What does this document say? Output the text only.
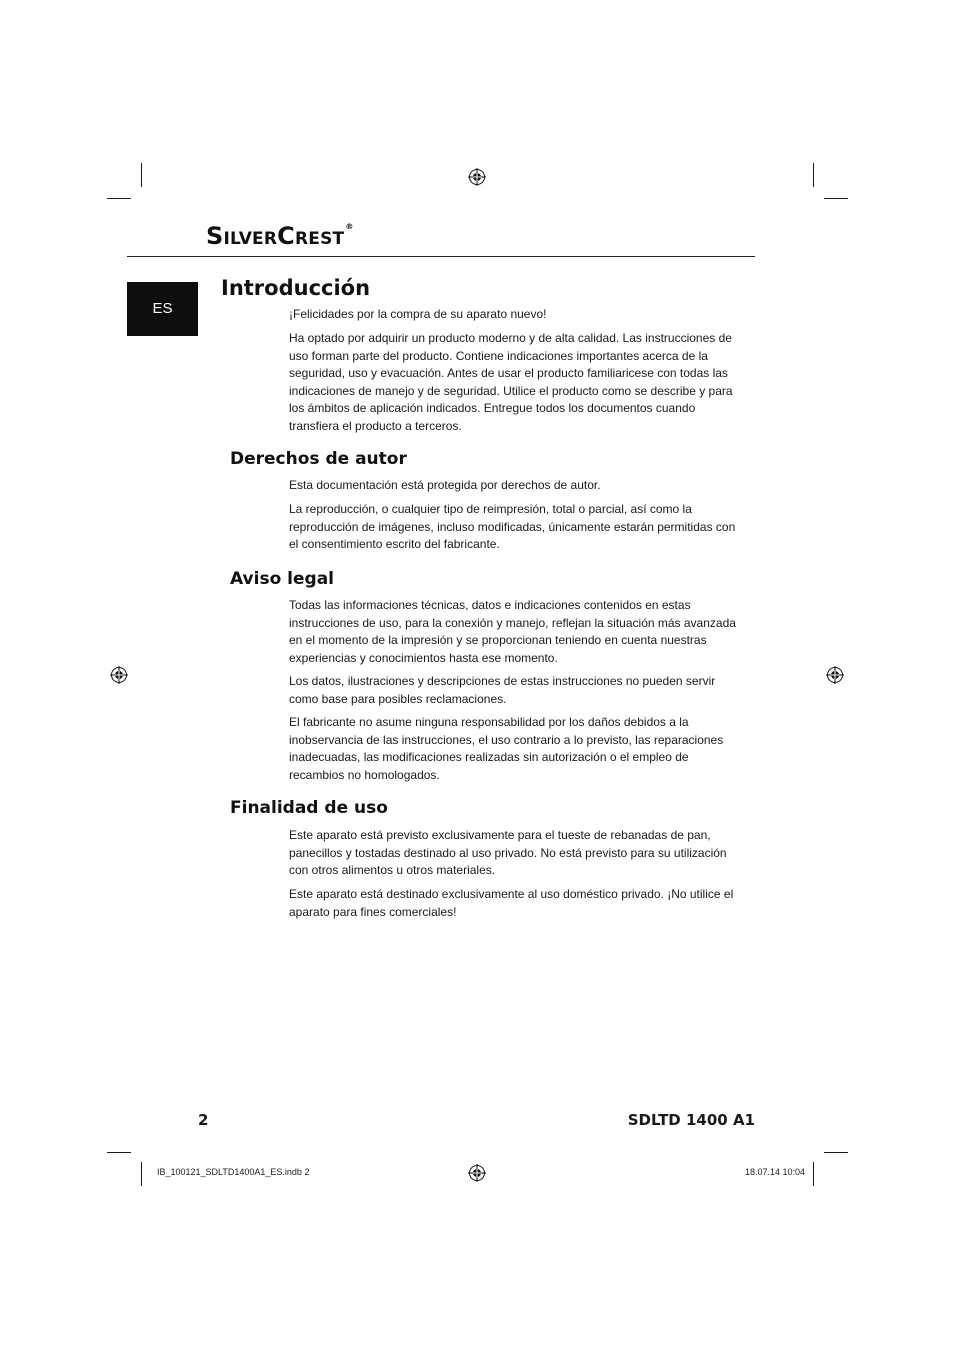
SilverCrest®
ES
Introducción

¡Felicidades por la compra de su aparato nuevo!

Ha optado por adquirir un producto moderno y de alta calidad. Las instrucciones de uso forman parte del producto. Contiene indicaciones importantes acerca de la seguridad, uso y evacuación. Antes de usar el producto familiaricese con todas las indicaciones de manejo y de seguridad. Utilice el producto como se describe y para los ámbitos de aplicación indicados. Entregue todos los documentos cuando transfiera el producto a terceros.

Derechos de autor

Esta documentación está protegida por derechos de autor.

La reproducción, o cualquier tipo de reimpresión, total o parcial, así como la reproducción de imágenes, incluso modificadas, únicamente estarán permitidas con el consentimiento escrito del fabricante.

Aviso legal

Todas las informaciones técnicas, datos e indicaciones contenidos en estas instrucciones de uso, para la conexión y manejo, reflejan la situación más avanzada en el momento de la impresión y se proporcionan teniendo en cuenta nuestras experiencias y conocimientos hasta ese momento.

Los datos, ilustraciones y descripciones de estas instrucciones no pueden servir como base para posibles reclamaciones.

El fabricante no asume ninguna responsabilidad por los daños debidos a la inobservancia de las instrucciones, el uso contrario a lo previsto, las reparaciones inadecuadas, las modificaciones realizadas sin autorización o el empleo de recambios no homologados.

Finalidad de uso

Este aparato está previsto exclusivamente para el tueste de rebanadas de pan, panecillos y tostadas destinado al uso privado. No está previsto para su utilización con otros alimentos u otros materiales.

Este aparato está destinado exclusivamente al uso doméstico privado. ¡No utilice el aparato para fines comerciales!

2	SDLTD 1400 A1
IB_100121_SDLTD1400A1_ES.indb 2	18.07.14 10:04
